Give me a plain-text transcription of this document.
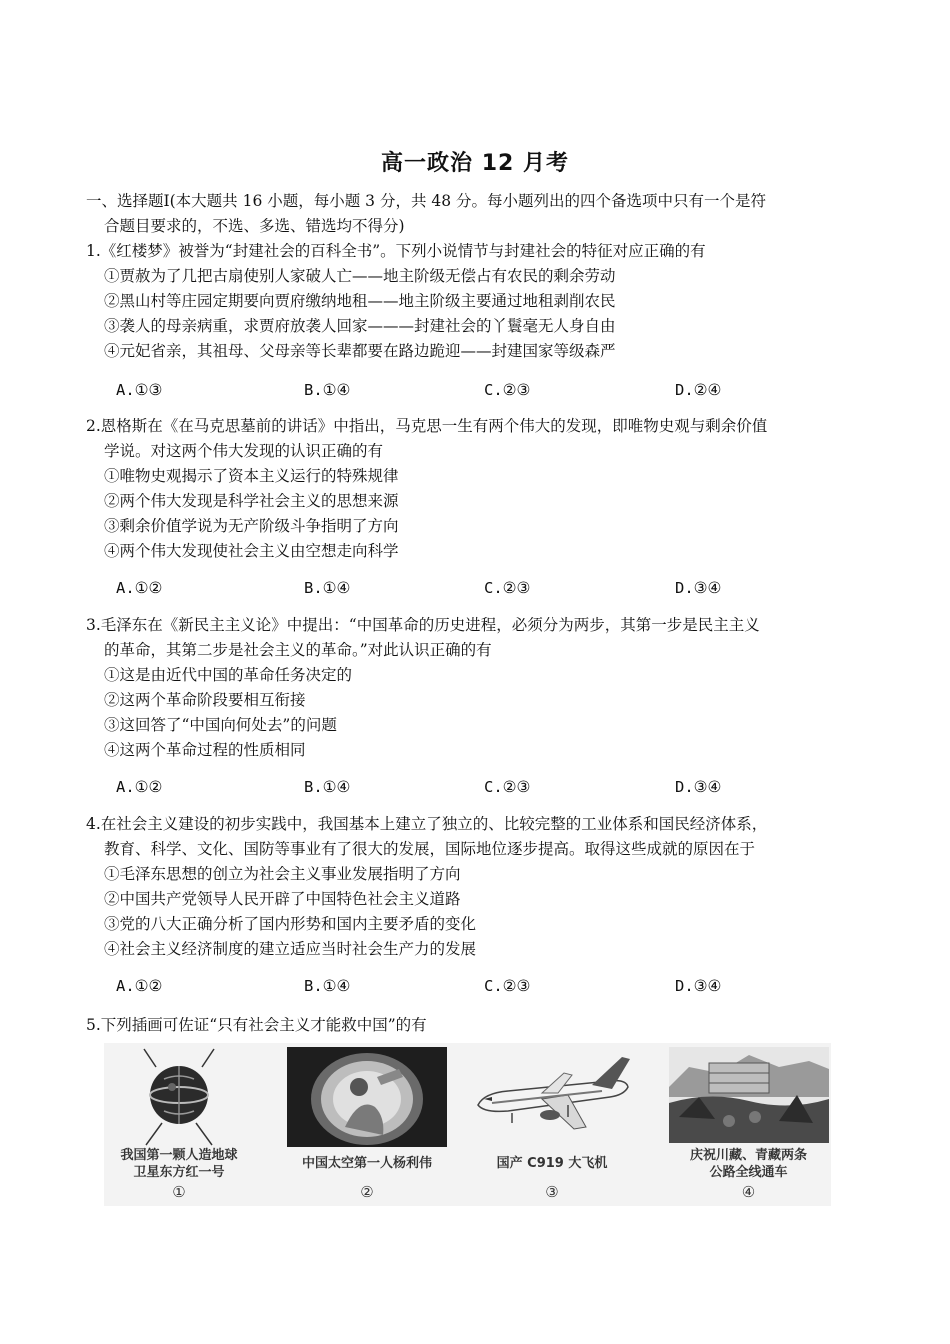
高一政治 12 月考
一、选择题Ⅰ(本大题共 16 小题，每小题 3 分，共 48 分。每小题列出的四个备选项中只有一个是符
合题目要求的，不选、多选、错选均不得分)
1.《红楼梦》被誉为“封建社会的百科全书”。下列小说情节与封建社会的特征对应正确的有
①贾赦为了几把古扇使别人家破人亡——地主阶级无偿占有农民的剩余劳动
②黑山村等庄园定期要向贾府缴纳地租——地主阶级主要通过地租剥削农民
③袭人的母亲病重，求贾府放袭人回家———封建社会的丫鬟毫无人身自由
④元妃省亲，其祖母、父母亲等长辈都要在路边跪迎——封建国家等级森严
A.①③	B.①④	C.②③	D.②④
2.恩格斯在《在马克思墓前的讲话》中指出，马克思一生有两个伟大的发现，即唯物史观与剩余价值
学说。对这两个伟大发现的认识正确的有
①唯物史观揭示了资本主义运行的特殊规律
②两个伟大发现是科学社会主义的思想来源
③剩余价值学说为无产阶级斗争指明了方向
④两个伟大发现使社会主义由空想走向科学
A.①②	B.①④	C.②③	D.③④
3.毛泽东在《新民主主义论》中提出：“中国革命的历史进程，必须分为两步，其第一步是民主主义
的革命，其第二步是社会主义的革命。”对此认识正确的有
①这是由近代中国的革命任务决定的
②这两个革命阶段要相互衔接
③这回答了“中国向何处去”的问题
④这两个革命过程的性质相同
A.①②	B.①④	C.②③	D.③④
4.在社会主义建设的初步实践中，我国基本上建立了独立的、比较完整的工业体系和国民经济体系，
教育、科学、文化、国防等事业有了很大的发展，国际地位逐步提高。取得这些成就的原因在于
①毛泽东思想的创立为社会主义事业发展指明了方向
②中国共产党领导人民开辟了中国特色社会主义道路
③党的八大正确分析了国内形势和国内主要矛盾的变化
④社会主义经济制度的建立适应当时社会生产力的发展
A.①②	B.①④	C.②③	D.③④
5.下列插画可佐证“只有社会主义才能救中国”的有
我国第一颗人造地球
卫星东方红一号
①
中国太空第一人杨利伟
②
国产 C919 大飞机
③
庆祝川藏、青藏两条
公路全线通车
④
